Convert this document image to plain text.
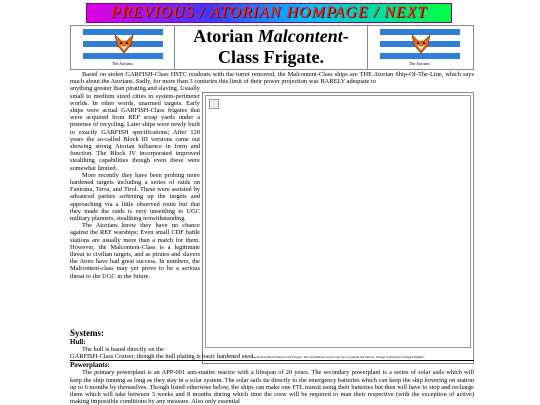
PREVIOUS / ATORIAN HOMPAGE / NEXT
The Atorians
Atorian Malcontent-Class Frigate.	The Atorians

Based on stolen GARFISH-Class HSTC readouts with the turret removed, the Malcontent-Class ships are THE Atorian Ship-Of-The-Line, which says much about the Atorians. Sadly, for more than 3 centuries this limit of their power projection was BARELY adequate to

anything greater than pirating and slaving. Usually small to medium sized cities in system-perimeter worlds. In other words, unarmed targets. Early ships were actual GARFISH-Class frigates that were acquired from REF scrap yards under a pretense of recycling. Later ships were newly built to exactly GARFISH specifications; After 120 years the so-called Block III versions came out showing strong Atorian influence in form and function. The Block IV incorporated improved stealthing capabilities though even these were somewhat limited.

More recently they have been probing more hardened targets including a series of raids on Fantoma, Terra, and Tirol. These were assisted by advanced parties softening up the targets and approaching via a little observed route but that they made the raids is very unsettling to UGC military planners, stealthing notwithstanding.

The Atorians know they have no chance against the REF warships; Even small CDF battle stations are usually more than a match for them. However, the Malcontent-Class is a legitimate threat to civilian targets, and as pirates and slavers the Ators have had great success. In numbers, the Malcontent-class may yet prove to be a serious threat to the UGC in the future.

An Atorian Malcontent-Class Frigate. The resemblance isn't even try to pretend the history, though styling has changed slightly.
Systems:
Hull:

The hull is based directly on the

GARFISH-Class Cruiser, though the hull plating is basic hardened steel.

Powerplants:

The primary powerplant is an APP-001 anti-matter reactor with a lifespan of 20 years. The secondary powerplant is a series of solar sails which will keep the ship running as long as they stay in a solar system. The solar sails tie directly to the emergency batteries which can keep the ship hovering on station up to 6 months by themselves. Though listed otherwise below, the ships can make one FTL transit using their batteries but then will have to stop and recharge them which will take between 3 weeks and 8 months during which time the crew will be required to man their respective (with the exception of active) making impossible conditions by any measure. Also only essential
